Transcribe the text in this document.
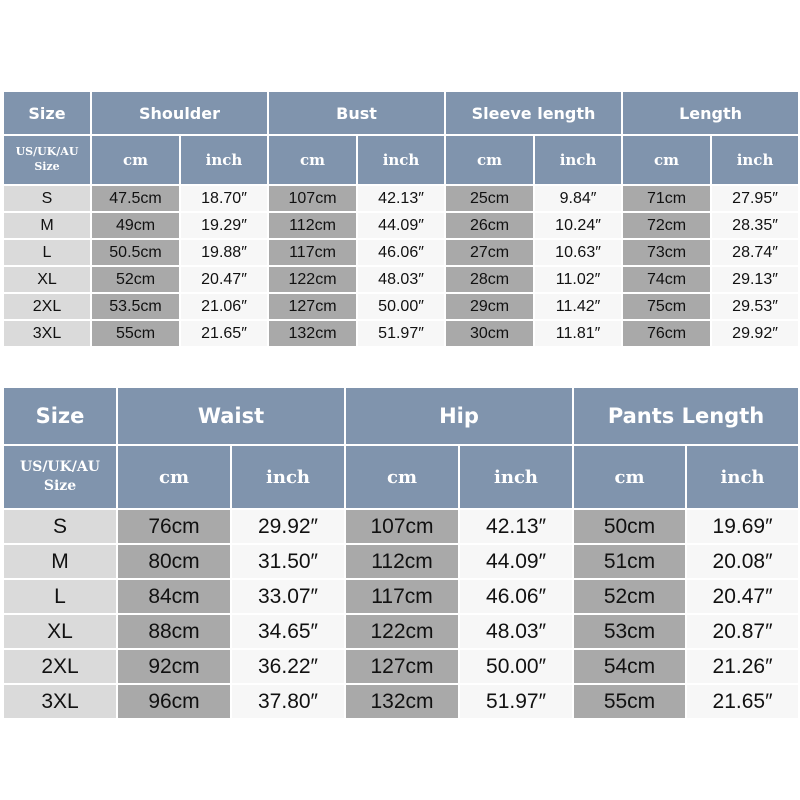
Size	Shoulder		Bust		Sleeve length		Length	
US/UK/AU
Size	cm	inch	cm	inch	cm	inch	cm	inch
S	47.5cm	18.70″	107cm	42.13″	25cm	9.84″	71cm	27.95″
M	49cm	19.29″	112cm	44.09″	26cm	10.24″	72cm	28.35″
L	50.5cm	19.88″	117cm	46.06″	27cm	10.63″	73cm	28.74″
XL	52cm	20.47″	122cm	48.03″	28cm	11.02″	74cm	29.13″
2XL	53.5cm	21.06″	127cm	50.00″	29cm	11.42″	75cm	29.53″
3XL	55cm	21.65″	132cm	51.97″	30cm	11.81″	76cm	29.92″
Size	Waist		Hip		Pants Length	
US/UK/AU
Size	cm	inch	cm	inch	cm	inch
S	76cm	29.92″	107cm	42.13″	50cm	19.69″
M	80cm	31.50″	112cm	44.09″	51cm	20.08″
L	84cm	33.07″	117cm	46.06″	52cm	20.47″
XL	88cm	34.65″	122cm	48.03″	53cm	20.87″
2XL	92cm	36.22″	127cm	50.00″	54cm	21.26″
3XL	96cm	37.80″	132cm	51.97″	55cm	21.65″
